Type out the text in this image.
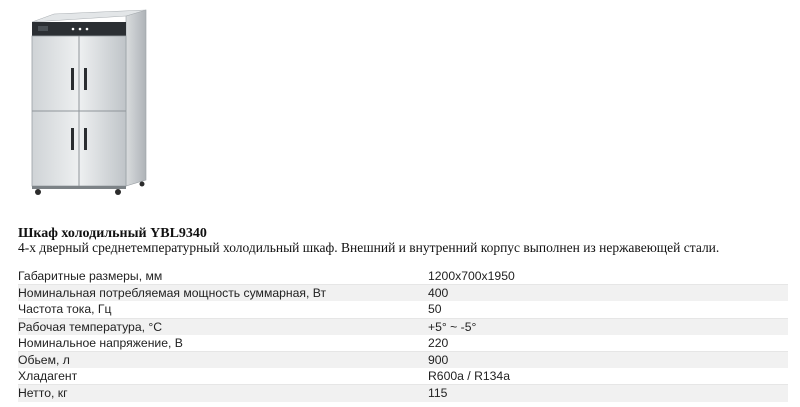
Шкаф холодильный YBL9340
4-х дверный среднетемпературный холодильный шкаф. Внешний и внутренний корпус выполнен из нержавеющей стали.
Габаритные размеры, мм	1200x700x1950
Номинальная потребляемая мощность суммарная, Вт	400
Частота тока, Гц	50
Рабочая температура, °C	+5° ~ -5°
Номинальное напряжение, В	220
Обьем, л	900
Хладагент	R600a / R134a
Нетто, кг	115
